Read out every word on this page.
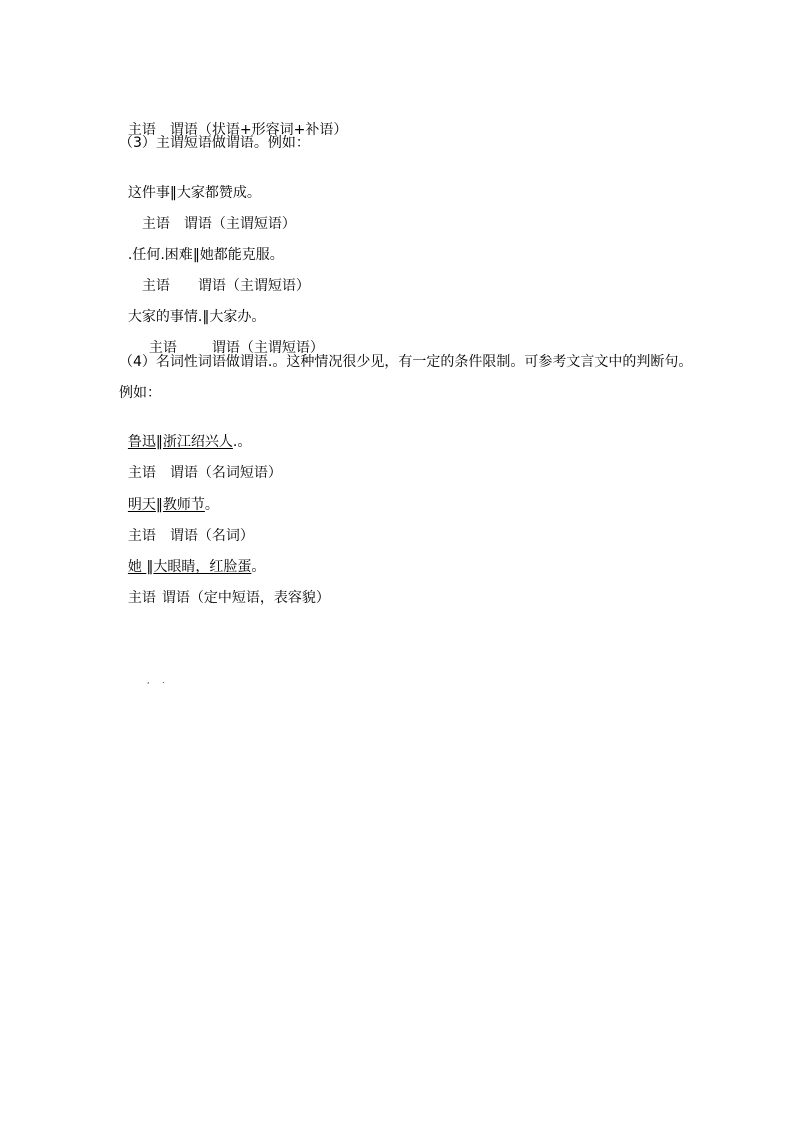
主语 谓语（状语+形容词+补语）

（3）主谓短语做谓语。例如：

这件事‖大家都赞成。

主语 谓语（主谓短语）

.任何.困难‖她都能克服。

主语 谓语（主谓短语）

大家的事情.‖大家办。

主语	谓语（主谓短语）

（4）名词性词语做谓语.。这种情况很少见，有一定的条件限制。可参考文言文中的判断句。
例如：

鲁迅‖浙江绍兴人.。

主语 谓语（名词短语）

明天‖教师节。

主语 谓语（名词）

她 ‖大眼睛，红脸蛋。

主语 谓语（定中短语，表容貌）

, .
